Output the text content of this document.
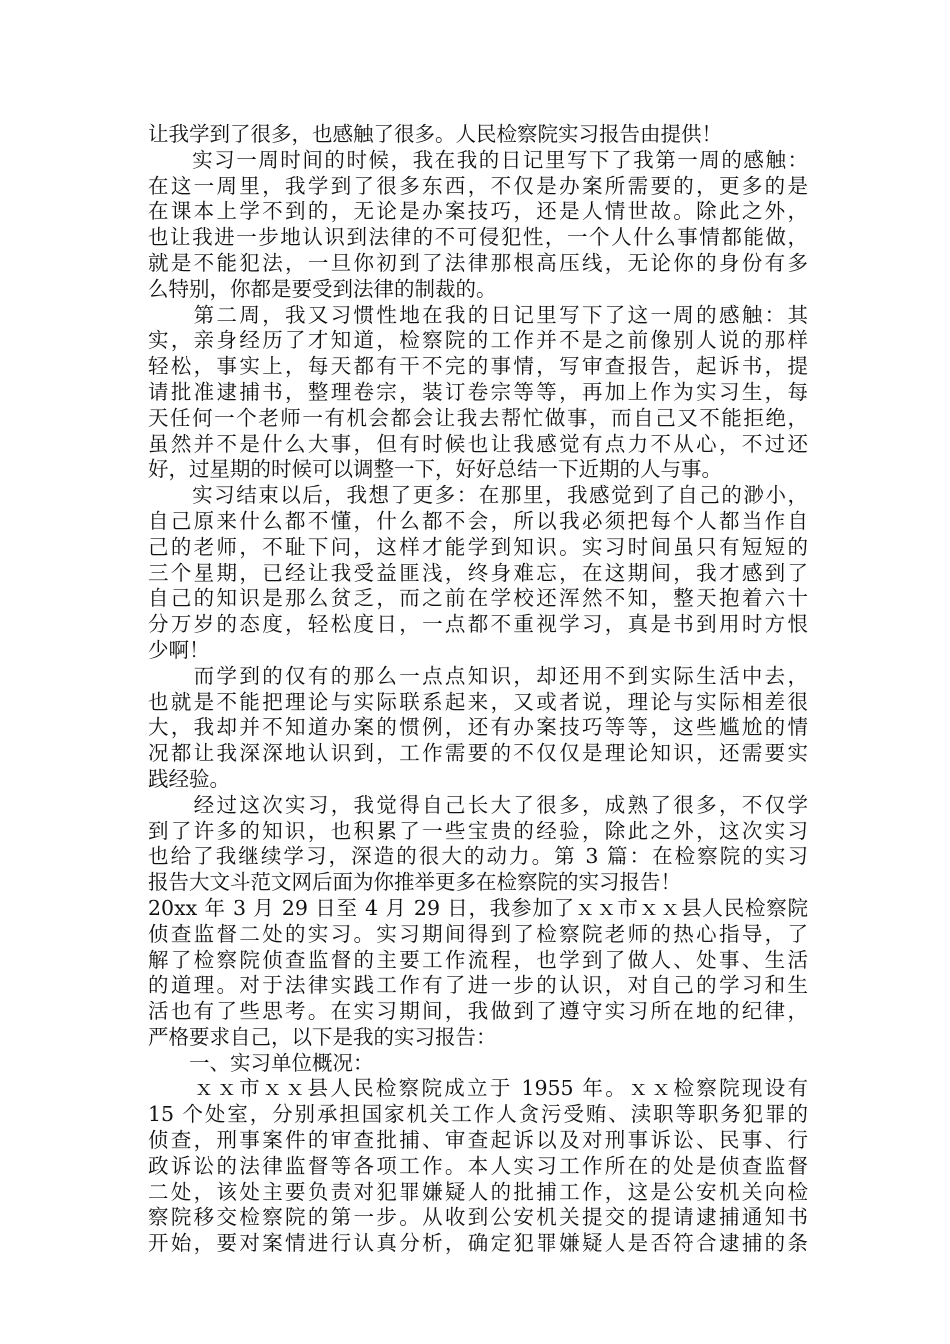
让我学到了很多，也感触了很多。人民检察院实习报告由提供！
　　实习一周时间的时候，我在我的日记里写下了我第一周的感触：
在这一周里，我学到了很多东西，不仅是办案所需要的，更多的是
在课本上学不到的，无论是办案技巧，还是人情世故。除此之外，
也让我进一步地认识到法律的不可侵犯性，一个人什么事情都能做，
就是不能犯法，一旦你初到了法律那根高压线，无论你的身份有多
么特别，你都是要受到法律的制裁的。
　　第二周，我又习惯性地在我的日记里写下了这一周的感触：其
实，亲身经历了才知道，检察院的工作并不是之前像别人说的那样
轻松，事实上，每天都有干不完的事情，写审查报告，起诉书，提
请批准逮捕书，整理卷宗，装订卷宗等等，再加上作为实习生，每
天任何一个老师一有机会都会让我去帮忙做事，而自己又不能拒绝，
虽然并不是什么大事，但有时候也让我感觉有点力不从心，不过还
好，过星期的时候可以调整一下，好好总结一下近期的人与事。
　　实习结束以后，我想了更多：在那里，我感觉到了自己的渺小，
自己原来什么都不懂，什么都不会，所以我必须把每个人都当作自
己的老师，不耻下问，这样才能学到知识。实习时间虽只有短短的
三个星期，已经让我受益匪浅，终身难忘，在这期间，我才感到了
自己的知识是那么贫乏，而之前在学校还浑然不知，整天抱着六十
分万岁的态度，轻松度日，一点都不重视学习，真是书到用时方恨
少啊！
　　而学到的仅有的那么一点点知识，却还用不到实际生活中去，
也就是不能把理论与实际联系起来，又或者说，理论与实际相差很
大，我却并不知道办案的惯例，还有办案技巧等等，这些尴尬的情
况都让我深深地认识到，工作需要的不仅仅是理论知识，还需要实
践经验。
　　经过这次实习，我觉得自己长大了很多，成熟了很多，不仅学
到了许多的知识，也积累了一些宝贵的经验，除此之外，这次实习
也给了我继续学习，深造的很大的动力。第 3 篇：在检察院的实习
报告大文斗范文网后面为你推举更多在检察院的实习报告！
20xx 年 3 月 29 日至 4 月 29 日，我参加了ｘｘ市ｘｘ县人民检察院
侦查监督二处的实习。实习期间得到了检察院老师的热心指导，了
解了检察院侦查监督的主要工作流程，也学到了做人、处事、生活
的道理。对于法律实践工作有了进一步的认识，对自己的学习和生
活也有了些思考。在实习期间，我做到了遵守实习所在地的纪律，
严格要求自己，以下是我的实习报告：
　　一、实习单位概况：
　　ｘｘ市ｘｘ县人民检察院成立于 1955 年。ｘｘ检察院现设有
15 个处室，分别承担国家机关工作人贪污受贿、渎职等职务犯罪的
侦查，刑事案件的审查批捕、审查起诉以及对刑事诉讼、民事、行
政诉讼的法律监督等各项工作。本人实习工作所在的处是侦查监督
二处，该处主要负责对犯罪嫌疑人的批捕工作，这是公安机关向检
察院移交检察院的第一步。从收到公安机关提交的提请逮捕通知书
开始，要对案情进行认真分析，确定犯罪嫌疑人是否符合逮捕的条
